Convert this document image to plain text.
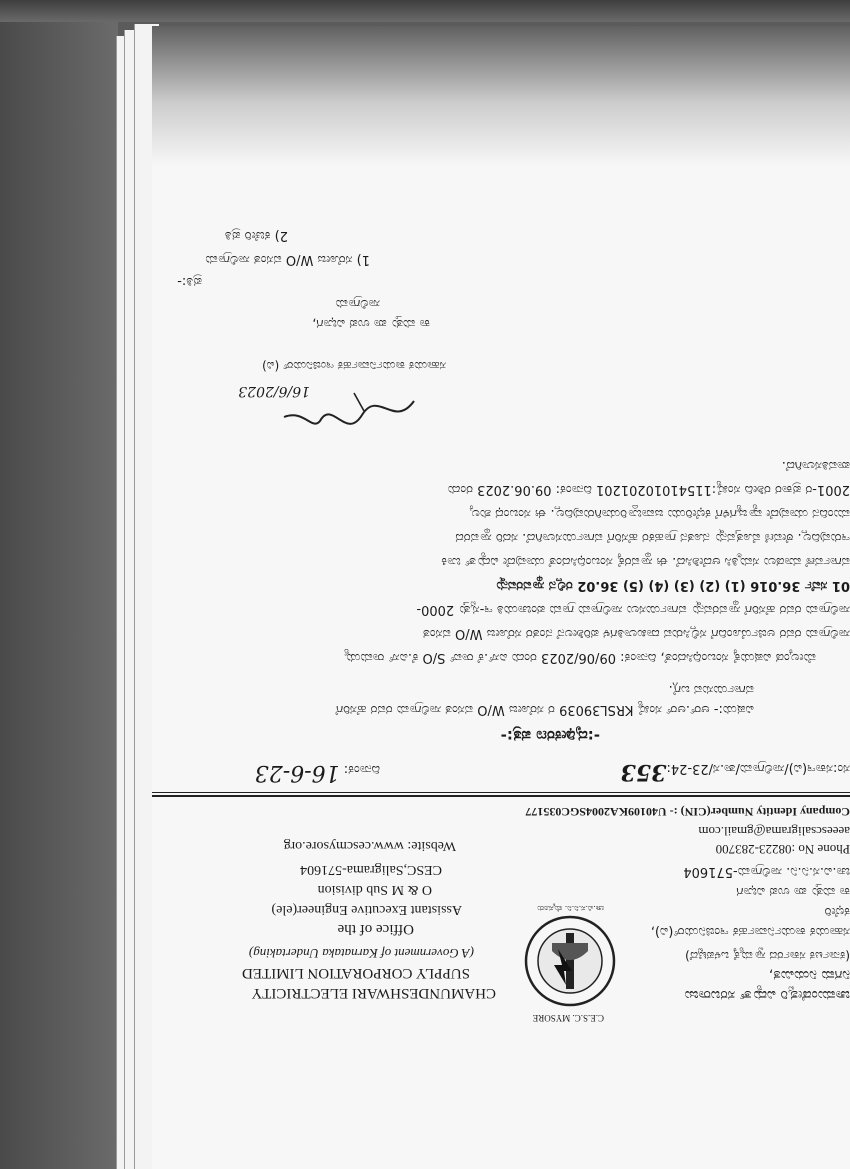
ಚಾಮುಂಡೇಶ್ವರಿ ವಿದ್ಯುತ್ ಸರಬರಾಜು
ನಿಗಮ ನಿಯಮಿತ,
(ಕರ್ನಾಟಕ ಸರ್ಕಾರದ ಸ್ವಾಮ್ಯಕ್ಕೆ ಒಳಪಟ್ಟಿದೆ)
ಸಹಾಯಕ ಕಾರ್ಯನಿರ್ವಾಹಕ ಇಂಜಿನಿಯರ್(ವಿ),
ಕಛೇರಿ
ಕಾ ಮತ್ತು ಪಾ ಉಪ ವಿಭಾಗ
ಚಾ.ವಿ.ಸ.ನಿ.ನಿ. ಸಾಲಿಗ್ರಾಮ-571604
Phone No :08223-283700
aeeescsaligrama@gmail.com
Company Identity Number(CIN) :- U40109KA2004SGC035177
C.E.S.C. MYSORE
ಚಾ.ವಿ.ಸ.ನಿ.ನಿ. ಮೈಸೂರು
CHAMUNDESHWARI ELECTRICITY
SUPPLY CORPORATION LIMITED
(A Government of Karnataka Undertaking)
Office of the
Assistant Executive Engineer(ele)
O & M Sub division
CESC,Saligrama-571604
Website: www.cescmysore.org
ಸಂ:ಸಕಾಇ(ವಿ)/ಸಾಲಿಗ್ರಾಮ/ತಾ.ಸ/23-24:353
ದಿನಾಂಕ: 16-6-23
-:ದೃಢೀಕರಣ ಪತ್ರ:-
ವಿಷಯ:- ಆರ್.ಆರ್ ಸಂಖ್ಯೆ KRSL39039 ರ ಸರೋಜ W/O ವಸಂತ ಸಾಲಿಗ್ರಾಮ ರವರ ಹೆಸರಿಗೆ
ವರ್ಗಾಯಿಸುವ ಬಗ್ಗೆ.
ಮೇಲ್ಕಂಡ ವಿಷಯಕ್ಕೆ ಸಂಬಂಧಿಸಿದಂತೆ, ದಿನಾಂಕ: 09/06/2023 ರಂದು ಎಸ್.ಕೆ ರಾವ್ S/O ಕೆ.ಎಸ್ ರಾಮಯ್ಯ
ಸಾಲಿಗ್ರಾಮ ರವರ ಅರ್ಜಿಯೊಂದಿಗೆ ಸಲ್ಲಿಸಿರುವ ದಾಖಲಾತಿಗಳ ಪರಿಶೀಲನೆ ನಂತರ ಸರೋಜ W/O ವಸಂತ
ಸಾಲಿಗ್ರಾಮ ರವರ ಹೆಸರಿಗೆ ಸ್ಥಾವರವನ್ನು ವರ್ಗಾಯಿಸಲು ಸಾಲಿಗ್ರಾಮ ಗ್ರಾಮ ಪಂಚಾಯತಿ ಇ-ಸ್ವತ್ತು 2000-
01 ಸರ್ವೆ 36.016 (1) (2) (3) (4) (5) 36.02 ರಲ್ಲಿನ ಸ್ಥಾವರವನ್ನು
ವರ್ಗಾವಣೆ ಮಾಡಲು ಸಮ್ಮತಿಸಿ ಆದೇಶಿಸಿದೆ. ಈ ಸ್ಥಾವರಕ್ಕೆ ಸಂಬಂಧಿಸಿದಂತೆ ಯಾವುದೇ ವಿದ್ಯುತ್ ಬಾಕಿ
ಇರುವುದಿಲ್ಲ. ಠೇವಣಿ ಮೊತ್ತವನ್ನು ನೂತನ ಗ್ರಾಹಕರ ಹೆಸರಿಗೆ ವರ್ಗಾಯಿಸಲಾಗಿದೆ. ಸದರಿ ಸ್ಥಾವರದ
ಮುಂದಿನ ಯಾವುದೇ ವ್ಯಾಜ್ಯಗಳಿಗೆ ಕಛೇರಿಯು ಜವಾಬ್ದಾರಿಯಾಗಿರುವುದಿಲ್ಲ. ಈ ಸಂಬಂಧ ಶುಲ್ಕ
2001-ರ ಪ್ರಕಾರ ರಶೀದಿ ಸಂಖ್ಯೆ:11541010201201 ದಿನಾಂಕ: 09.06.2023 ರಂದು
ಪಾವತಿಸಲಾಗಿದೆ.
16/6/2023
ಸಹಾಯಕ ಕಾರ್ಯನಿರ್ವಾಹಕ ಇಂಜಿನಿಯರ್ (ವಿ)
ಕಾ ಮತ್ತು ಪಾ ಉಪ ವಿಭಾಗ,
ಸಾಲಿಗ್ರಾಮ
ಪ್ರತಿ:-
1) ಸರೋಜ W/O ವಸಂತ ಸಾಲಿಗ್ರಾಮ
2) ಕಚೇರಿ ಪ್ರತಿ
